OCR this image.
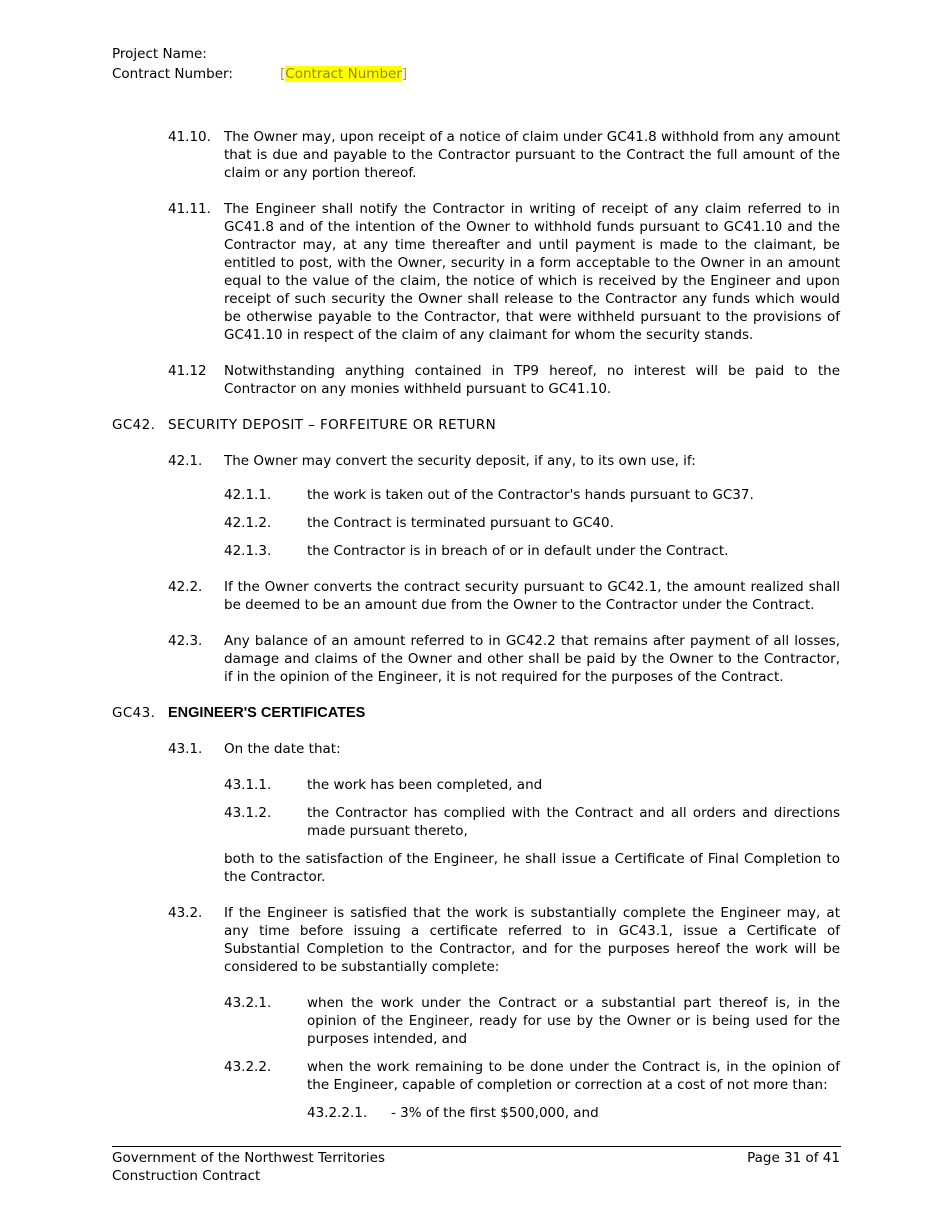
Project Name:
Contract Number:	[Contract Number]
41.10. The Owner may, upon receipt of a notice of claim under GC41.8 withhold from any amount that is due and payable to the Contractor pursuant to the Contract the full amount of the claim or any portion thereof.
41.11. The Engineer shall notify the Contractor in writing of receipt of any claim referred to in GC41.8 and of the intention of the Owner to withhold funds pursuant to GC41.10 and the Contractor may, at any time thereafter and until payment is made to the claimant, be entitled to post, with the Owner, security in a form acceptable to the Owner in an amount equal to the value of the claim, the notice of which is received by the Engineer and upon receipt of such security the Owner shall release to the Contractor any funds which would be otherwise payable to the Contractor, that were withheld pursuant to the provisions of GC41.10 in respect of the claim of any claimant for whom the security stands.
41.12 Notwithstanding anything contained in TP9 hereof, no interest will be paid to the Contractor on any monies withheld pursuant to GC41.10.
GC42. SECURITY DEPOSIT – FORFEITURE OR RETURN
42.1. The Owner may convert the security deposit, if any, to its own use, if:
42.1.1.	the work is taken out of the Contractor's hands pursuant to GC37.
42.1.2.	the Contract is terminated pursuant to GC40.
42.1.3.	the Contractor is in breach of or in default under the Contract.
42.2. If the Owner converts the contract security pursuant to GC42.1, the amount realized shall be deemed to be an amount due from the Owner to the Contractor under the Contract.
42.3. Any balance of an amount referred to in GC42.2 that remains after payment of all losses, damage and claims of the Owner and other shall be paid by the Owner to the Contractor, if in the opinion of the Engineer, it is not required for the purposes of the Contract.
GC43. ENGINEER'S CERTIFICATES
43.1. On the date that:
43.1.1.	the work has been completed, and
43.1.2.	the Contractor has complied with the Contract and all orders and directions made pursuant thereto,
both to the satisfaction of the Engineer, he shall issue a Certificate of Final Completion to the Contractor.
43.2. If the Engineer is satisfied that the work is substantially complete the Engineer may, at any time before issuing a certificate referred to in GC43.1, issue a Certificate of Substantial Completion to the Contractor, and for the purposes hereof the work will be considered to be substantially complete:
43.2.1.	when the work under the Contract or a substantial part thereof is, in the opinion of the Engineer, ready for use by the Owner or is being used for the purposes intended, and
43.2.2.	when the work remaining to be done under the Contract is, in the opinion of the Engineer, capable of completion or correction at a cost of not more than:
43.2.2.1. - 3% of the first $500,000, and
Government of the Northwest Territories
Construction Contract
Page 31 of 41
